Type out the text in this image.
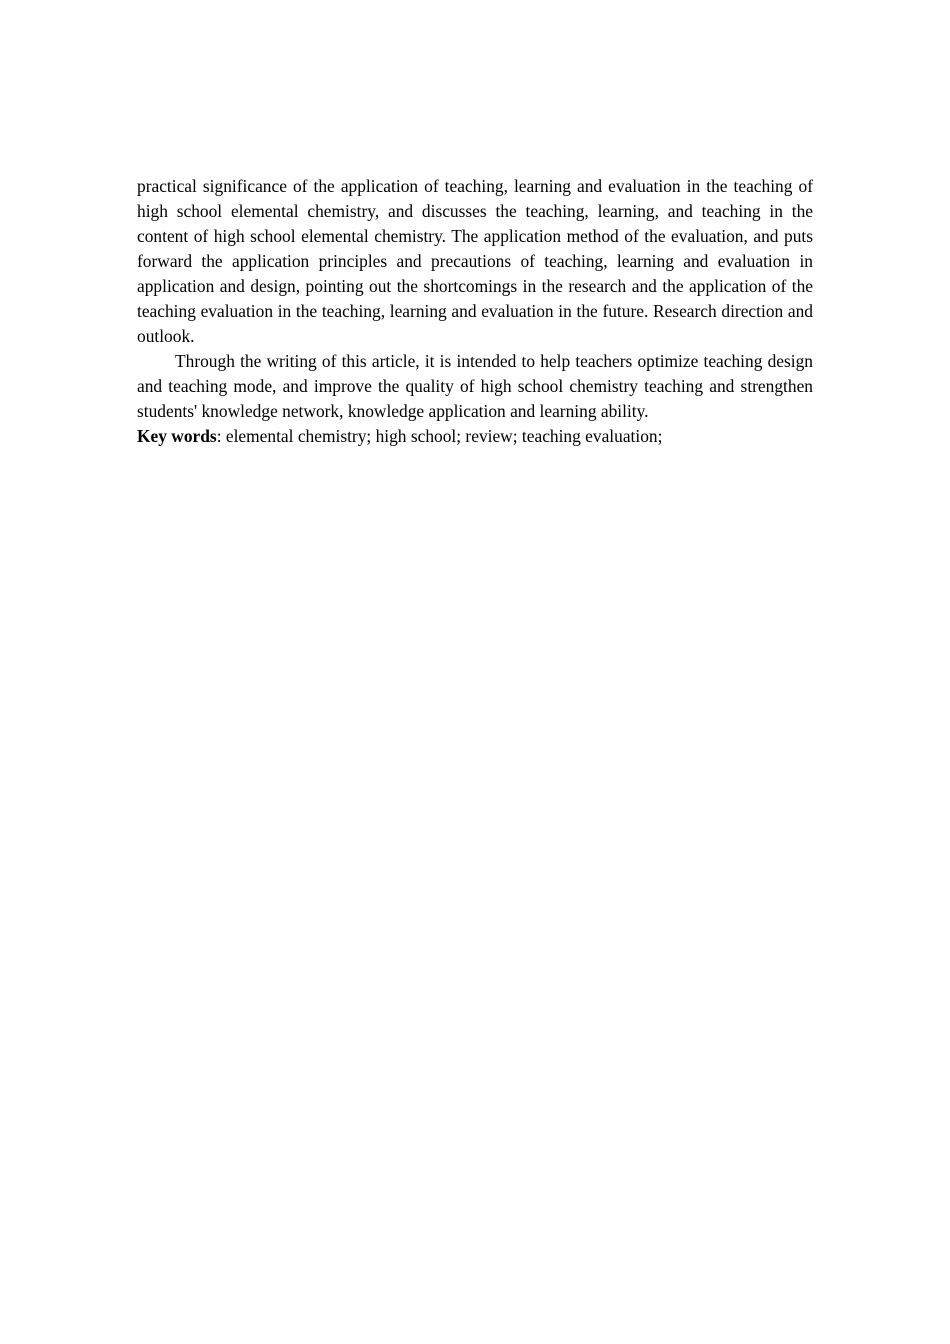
practical significance of the application of teaching, learning and evaluation in the teaching of high school elemental chemistry, and discusses the teaching, learning, and teaching in the content of high school elemental chemistry. The application method of the evaluation, and puts forward the application principles and precautions of teaching, learning and evaluation in application and design, pointing out the shortcomings in the research and the application of the teaching evaluation in the teaching, learning and evaluation in the future. Research direction and outlook.

Through the writing of this article, it is intended to help teachers optimize teaching design and teaching mode, and improve the quality of high school chemistry teaching and strengthen students' knowledge network, knowledge application and learning ability.

Key words: elemental chemistry; high school; review; teaching evaluation;
